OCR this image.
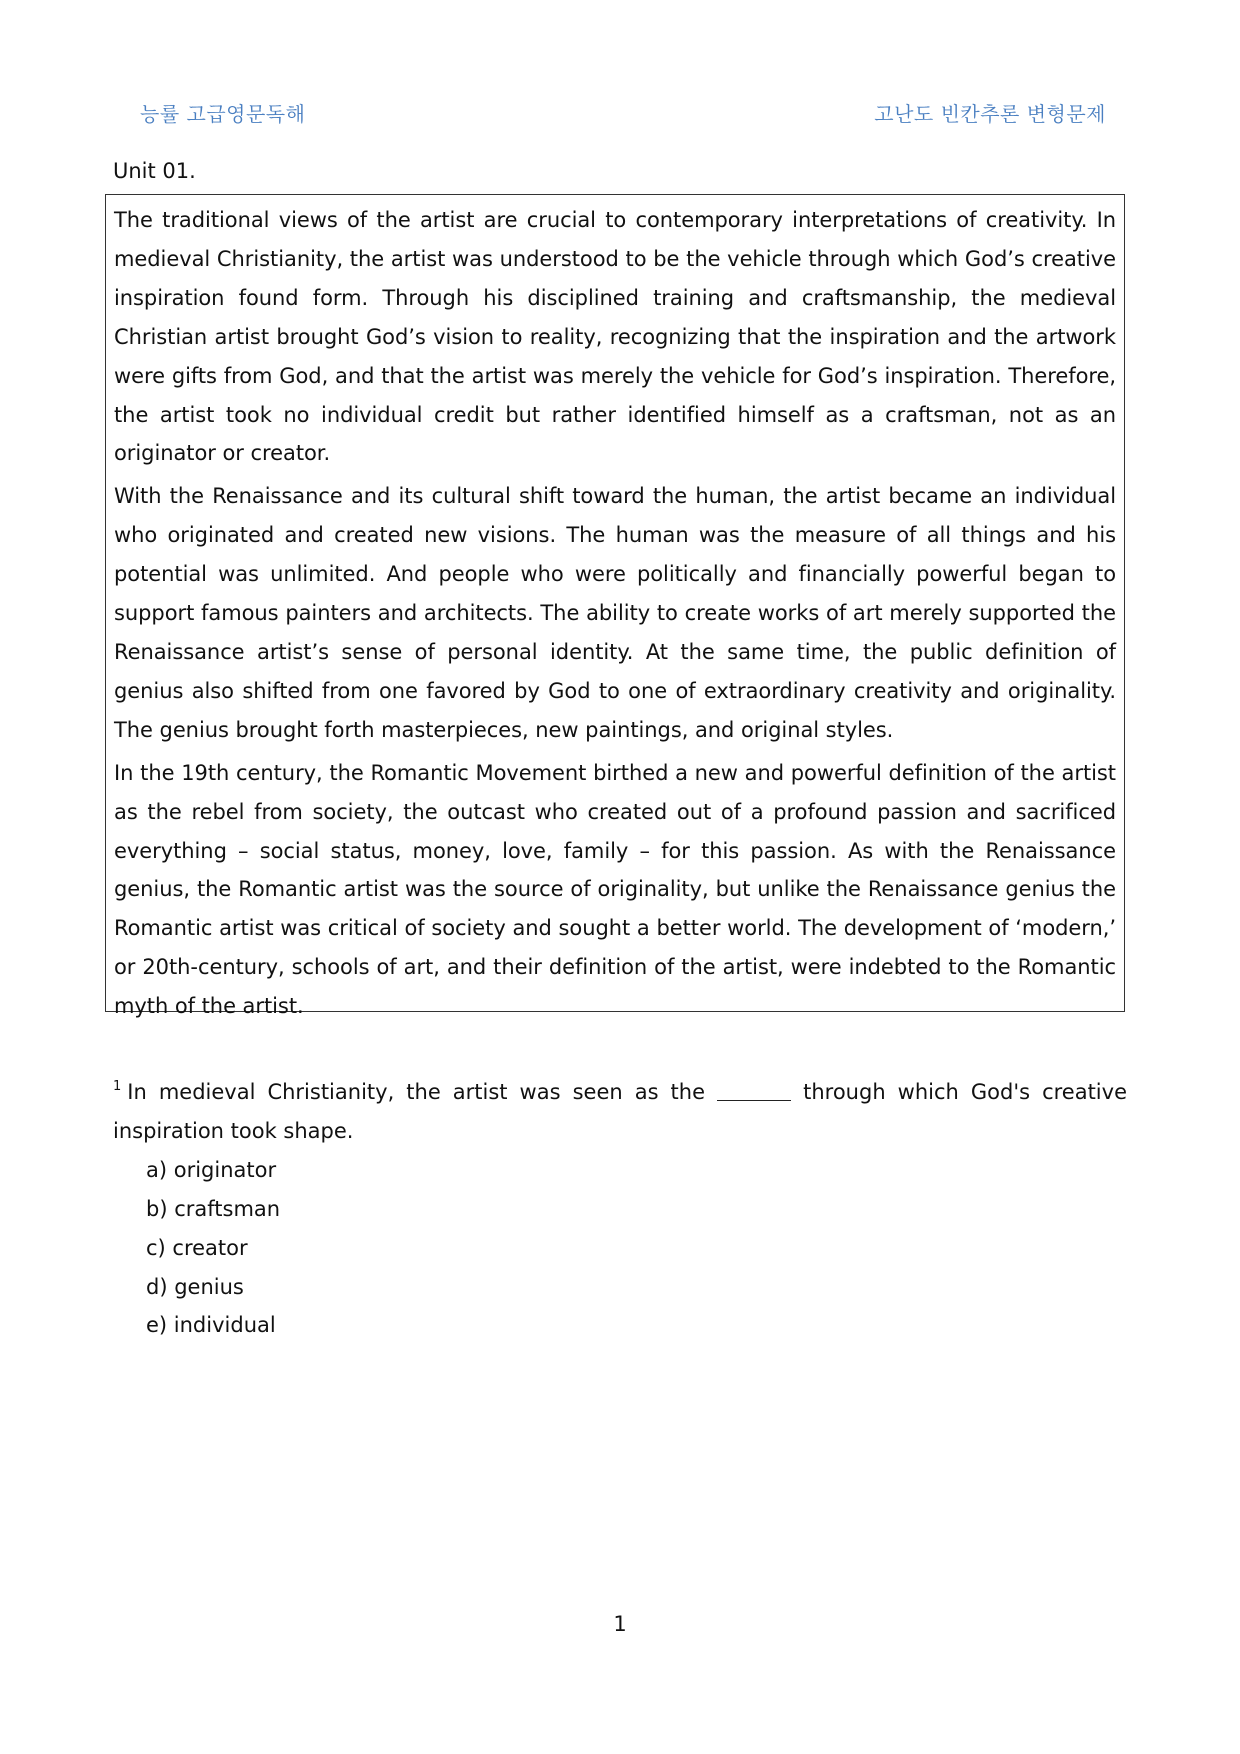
능률 고급영문독해	고난도 빈칸추론 변형문제
Unit 01.

The traditional views of the artist are crucial to contemporary interpretations of creativity. In medieval Christianity, the artist was understood to be the vehicle through which God’s creative inspiration found form. Through his disciplined training and craftsmanship, the medieval Christian artist brought God’s vision to reality, recognizing that the inspiration and the artwork were gifts from God, and that the artist was merely the vehicle for God’s inspiration. Therefore, the artist took no individual credit but rather identified himself as a craftsman, not as an originator or creator.

With the Renaissance and its cultural shift toward the human, the artist became an individual who originated and created new visions. The human was the measure of all things and his potential was unlimited. And people who were politically and financially powerful began to support famous painters and architects. The ability to create works of art merely supported the Renaissance artist’s sense of personal identity. At the same time, the public definition of genius also shifted from one favored by God to one of extraordinary creativity and originality. The genius brought forth masterpieces, new paintings, and original styles.

In the 19th century, the Romantic Movement birthed a new and powerful definition of the artist as the rebel from society, the outcast who created out of a profound passion and sacrificed everything – social status, money, love, family – for this passion. As with the Renaissance genius, the Romantic artist was the source of originality, but unlike the Renaissance genius the Romantic artist was critical of society and sought a better world. The development of ‘modern,’ or 20th-century, schools of art, and their definition of the artist, were indebted to the Romantic myth of the artist.

$^1$ In medieval Christianity, the artist was seen as the	through which God's creative inspiration took shape.

a) originator
b) craftsman
c) creator
d) genius
e) individual
1
